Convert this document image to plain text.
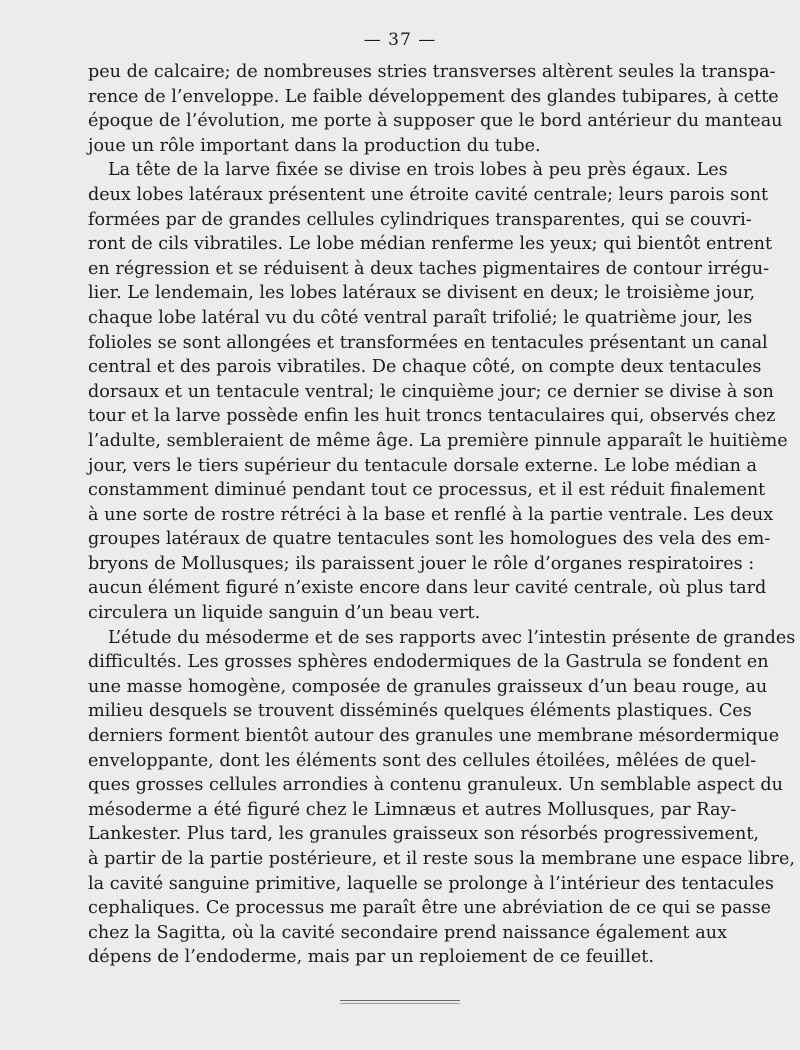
— 37 —

peu de calcaire; de nombreuses stries transverses altèrent seules la transpa-
rence de l’enveloppe. Le faible développement des glandes tubipares, à cette
époque de l’évolution, me porte à supposer que le bord antérieur du manteau
joue un rôle important dans la production du tube.

La tête de la larve fixée se divise en trois lobes à peu près égaux. Les
deux lobes latéraux présentent une étroite cavité centrale; leurs parois sont
formées par de grandes cellules cylindriques transparentes, qui se couvri-
ront de cils vibratiles. Le lobe médian renferme les yeux; qui bientôt entrent
en régression et se réduisent à deux taches pigmentaires de contour irrégu-
lier. Le lendemain, les lobes latéraux se divisent en deux; le troisième jour,
chaque lobe latéral vu du côté ventral paraît trifolié; le quatrième jour, les
folioles se sont allongées et transformées en tentacules présentant un canal
central et des parois vibratiles. De chaque côté, on compte deux tentacules
dorsaux et un tentacule ventral; le cinquième jour; ce dernier se divise à son
tour et la larve possède enfin les huit troncs tentaculaires qui, observés chez
l’adulte, sembleraient de même âge. La première pinnule apparaît le huitième
jour, vers le tiers supérieur du tentacule dorsale externe. Le lobe médian a
constamment diminué pendant tout ce processus, et il est réduit finalement
à une sorte de rostre rétréci à la base et renflé à la partie ventrale. Les deux
groupes latéraux de quatre tentacules sont les homologues des vela des em-
bryons de Mollusques; ils paraissent jouer le rôle d’organes respiratoires :
aucun élément figuré n’existe encore dans leur cavité centrale, où plus tard
circulera un liquide sanguin d’un beau vert.

L’étude du mésoderme et de ses rapports avec l’intestin présente de grandes
difficultés. Les grosses sphères endodermiques de la Gastrula se fondent en
une masse homogène, composée de granules graisseux d’un beau rouge, au
milieu desquels se trouvent disséminés quelques éléments plastiques. Ces
derniers forment bientôt autour des granules une membrane mésordermique
enveloppante, dont les éléments sont des cellules étoilées, mêlées de quel-
ques grosses cellules arrondies à contenu granuleux. Un semblable aspect du
mésoderme a été figuré chez le Limnæus et autres Mollusques, par Ray-
Lankester. Plus tard, les granules graisseux son résorbés progressivement,
à partir de la partie postérieure, et il reste sous la membrane une espace libre,
la cavité sanguine primitive, laquelle se prolonge à l’intérieur des tentacules
cephaliques. Ce processus me paraît être une abréviation de ce qui se passe
chez la Sagitta, où la cavité secondaire prend naissance également aux
dépens de l’endoderme, mais par un reploiement de ce feuillet.
